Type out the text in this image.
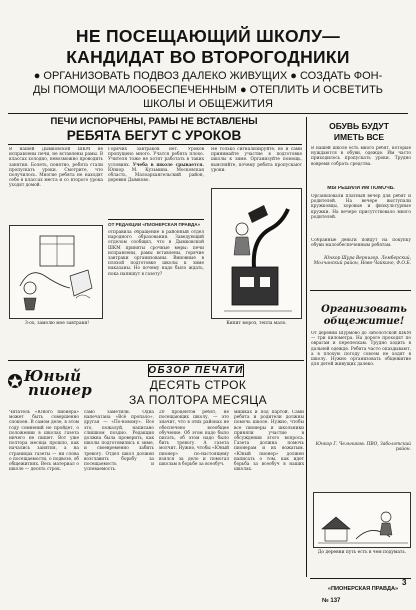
НЕ ПОСЕЩАЮЩИЙ ШКОЛУ—
КАНДИДАТ ВО ВТОРОГОДНИКИ
● ОРГАНИЗОВАТЬ ПОДВОЗ ДАЛЕКО ЖИВУЩИХ ● СОЗДАТЬ ФОН-
ДЫ ПОМОЩИ МАЛООБЕСПЕЧЕННЫМ ● ОТЕПЛИТЬ И ОСВЕТИТЬ
ШКОЛЫ И ОБЩЕЖИТИЯ
ПЕЧИ ИСПОРЧЕНЫ, РАМЫ НЕ ВСТАВЛЕНЫ
РЕБЯТА БЕГУТ С УРОКОВ
В нашей Дымковской ШКМ не исправлены печи, не вставлены рамы. В классах холодно, невозможно проводить занятия. Болеть, понятно, ребята стали пропускать уроки. Смотрите, что получилось. Многие ребята не находят себе в классах места и со второго урока уходят домой.
Горячих завтраков нет. Уроков пропущено много. Учатся ребята плохо. Учителя тоже не хотят работать в таких условиях. Учеба в школе срывается. Юнкор М. Кузьмина. Московская область, Малоархангельский район, деревня Дымково.
ОТ РЕДАКЦИИ «ПИОНЕРСКАЯ ПРАВДА»
отправила обращение в районный отдел народного образования. Заведующий отделом сообщил, что в Дымковской ШКМ приняты срочные меры: печи исправлены, рамы вставлены, горячие завтраки организованы. Виновные в плохой подготовке школы к зиме наказаны. Но почему надо было ждать, пока напишут в газету?
Не только сигнализируйте, но и сами принимайте участие в подготовке школы к зиме. Организуйте помощь, выясняйте, почему ребята пропускают уроки.
3-ох, замолю мое завтраки!	Кипит мороз, тепла мало.
ОБУВЬ БУДУТ
ИМЕТЬ ВСЕ
В нашей школе есть много ребят, которые нуждаются в обуви, одежде. Им часто приходилось пропускать уроки. Трудно вовремя собрать средства.
МЫ РЕШИЛИ ИМ ПОМОЧЬ.
Организовали платный вечер для ребят и родителей. На вечере выступали кружковцы, хоровые и физкультурные кружки. На вечере присутствовало много родителей.
Собранные деньги пойдут на покупку обуви малообеспеченным ребятам.
Юнкор Шура Вернигор. Лемберский, Молчанский район, Ново-Чайкино, Ф.О.Б.
Организовать
общежитие!
От деревни Шурмово до Заболотской ШКМ — три километра. На дороге проходят по оврагам и перелескам. Трудно ходить в дальней одежде. Ребята часто опаздывают, а в плохую погоду совсем не ходят в школу. Нужно организовать общежитие для детей живущих далеко.
Юнкор Г. Чельников. ПВО, Заболотский район.
До деревни путь есть в чем подумать.
Юный
пионер
ОБЗОР ПЕЧАТИ
ДЕСЯТЬ СТРОК
ЗА ПОЛТОРА МЕСЯЦА
Читатель «Юного пионера» может быть совершенно спокоен. В самом деле, в этом году сомнений не пройдет, о положении в школах газета ничего не пишет. Вот уже полтора месяца прошло, как начались занятия, а на страницах газеты — ни слова о посещаемости, о подвозе, об общежитиях. Весь материал о школе — десять строк.
само заметили. Одна напечатана «Всё пропало», другая — «По-новому». Все это, пожалуй, написано слишком поздно. Редакция должна была проверить, как школы подготовились к зиме, и своевременно забить тревогу. Отдел школ должен возглавить борьбу за посещаемость и успеваемость.
20 процентов ребят, не посещающих школу, — это значит, что в этих районах не обеспечено всеобщее обучение. Об этом надо было писать, об этом надо было бить тревогу. А газета молчит. Нужно, чтобы «Юный пионер» по-настоящему взялся за дело и помогал школам в борьбе за всеобуч.
мишках и под партой. Сами ребята и родители должны помочь школе. Нужно, чтобы все пионеры и школьники приняли участие в обсуждении этого вопроса. Газета должна помочь пионерам и их вожатым. «Юный пионер» должен написать о том, как идет борьба за всеобуч в наших школах.
«ПИОНЕРСКАЯ ПРАВДА»
3
№ 137
